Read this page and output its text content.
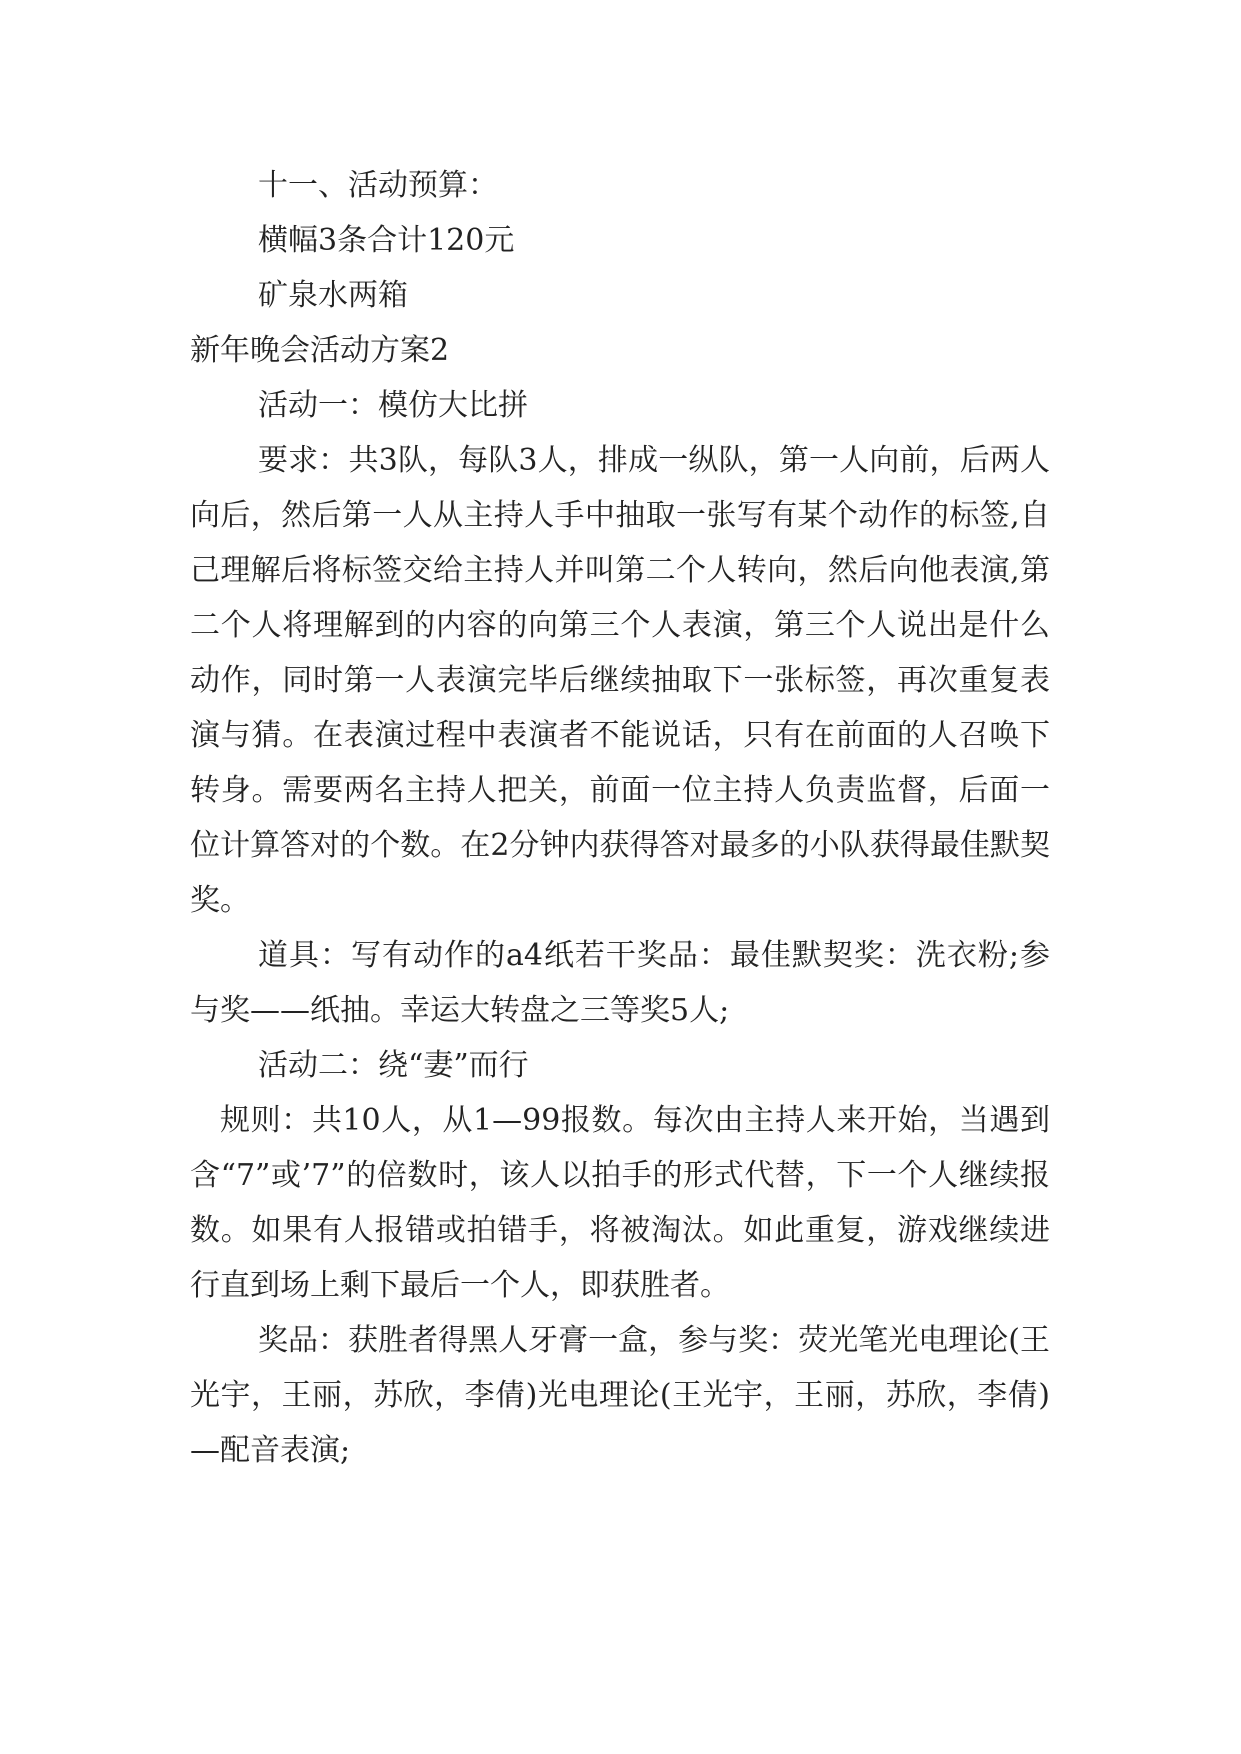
十一、活动预算：
横幅3条合计120元
矿泉水两箱
新年晚会活动方案2
活动一：模仿大比拼

要求：共3队，每队3人，排成一纵队，第一人向前，后两人向后，然后第一人从主持人手中抽取一张写有某个动作的标签,自己理解后将标签交给主持人并叫第二个人转向，然后向他表演,第二个人将理解到的内容的向第三个人表演，第三个人说出是什么动作，同时第一人表演完毕后继续抽取下一张标签，再次重复表演与猜。在表演过程中表演者不能说话，只有在前面的人召唤下转身。需要两名主持人把关，前面一位主持人负责监督，后面一位计算答对的个数。在2分钟内获得答对最多的小队获得最佳默契奖。

道具：写有动作的a4纸若干奖品：最佳默契奖：洗衣粉;参与奖——纸抽。幸运大转盘之三等奖5人;

活动二：绕“妻”而行

规则：共10人，从1—99报数。每次由主持人来开始，当遇到含“7”或’7”的倍数时，该人以拍手的形式代替，下一个人继续报数。如果有人报错或拍错手，将被淘汰。如此重复，游戏继续进行直到场上剩下最后一个人，即获胜者。

奖品：获胜者得黑人牙膏一盒，参与奖：荧光笔光电理论(王光宇，王丽，苏欣，李倩)光电理论(王光宇，王丽，苏欣，李倩)—配音表演;
